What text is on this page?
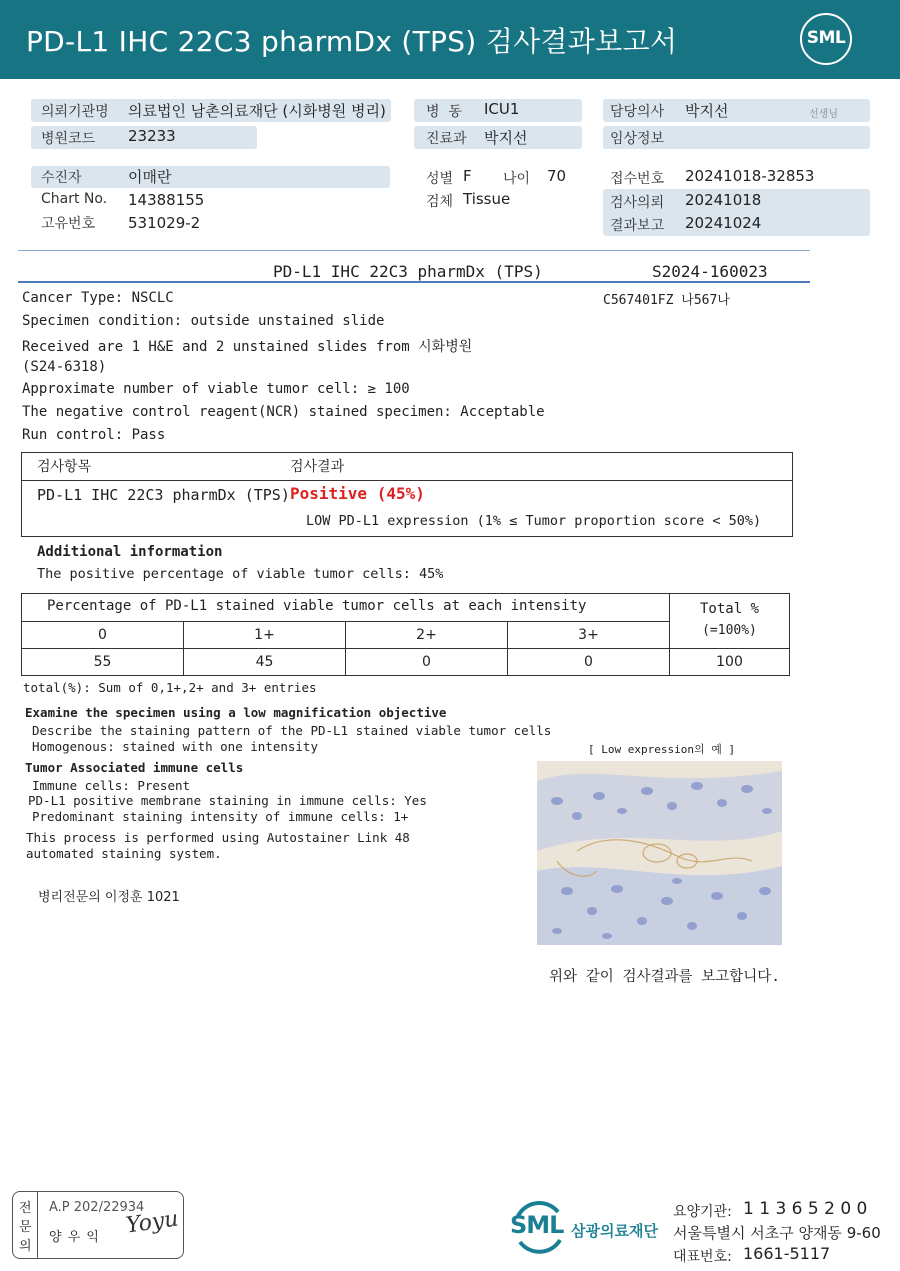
PD-L1 IHC 22C3 pharmDx (TPS) 검사결과보고서	SML
의뢰기관명 의료법인 남촌의료재단 (시화병원 병리)
병원코드 23233
병  동 ICU1
진료과 박지선
담당의사 박지선	선생님
임상정보
수진자	이매란
Chart No. 14388155
고유번호 531029-2
성별 F 나이 70
검체 Tissue
접수번호 20241018-32853
검사의뢰 20241018
결과보고 20241024
PD-L1 IHC 22C3 pharmDx (TPS)	S2024-160023
C567401FZ 나567나
Cancer Type: NSCLC
Specimen condition: outside unstained slide
Received are 1 H&E and 2 unstained slides from 시화병원
(S24-6318)
Approximate number of viable tumor cell: ≥ 100
The negative control reagent(NCR) stained specimen: Acceptable
Run control: Pass
검사항목	검사결과
PD-L1 IHC 22C3 pharmDx (TPS) Positive (45%)
LOW PD-L1 expression (1% ≤ Tumor proportion score < 50%)
Additional information
The positive percentage of viable tumor cells: 45%
Percentage of PD-L1 stained viable tumor cells at each intensity	Total %
(=100%)
0	1+	2+	3+
55	45	0	0	100
total(%): Sum of 0,1+,2+ and 3+ entries
Examine the specimen using a low magnification objective
Describe the staining pattern of the PD-L1 stained viable tumor cells
Homogenous: stained with one intensity	[ Low expression의 예 ]
Tumor Associated immune cells
Immune cells: Present
PD-L1 positive membrane staining in immune cells: Yes
Predominant staining intensity of immune cells: 1+
This process is performed using Autostainer Link 48
automated staining system.
병리전문의 이정훈 1021
위와 같이 검사결과를 보고합니다.
전
문
의
A.P 202/22934
양 우 익 Yoyu	SML 삼광의료재단
요양기관: 1 1 3 6 5 2 0 0
서울특별시 서초구 양재동 9-60
대표번호: 1661-5117
